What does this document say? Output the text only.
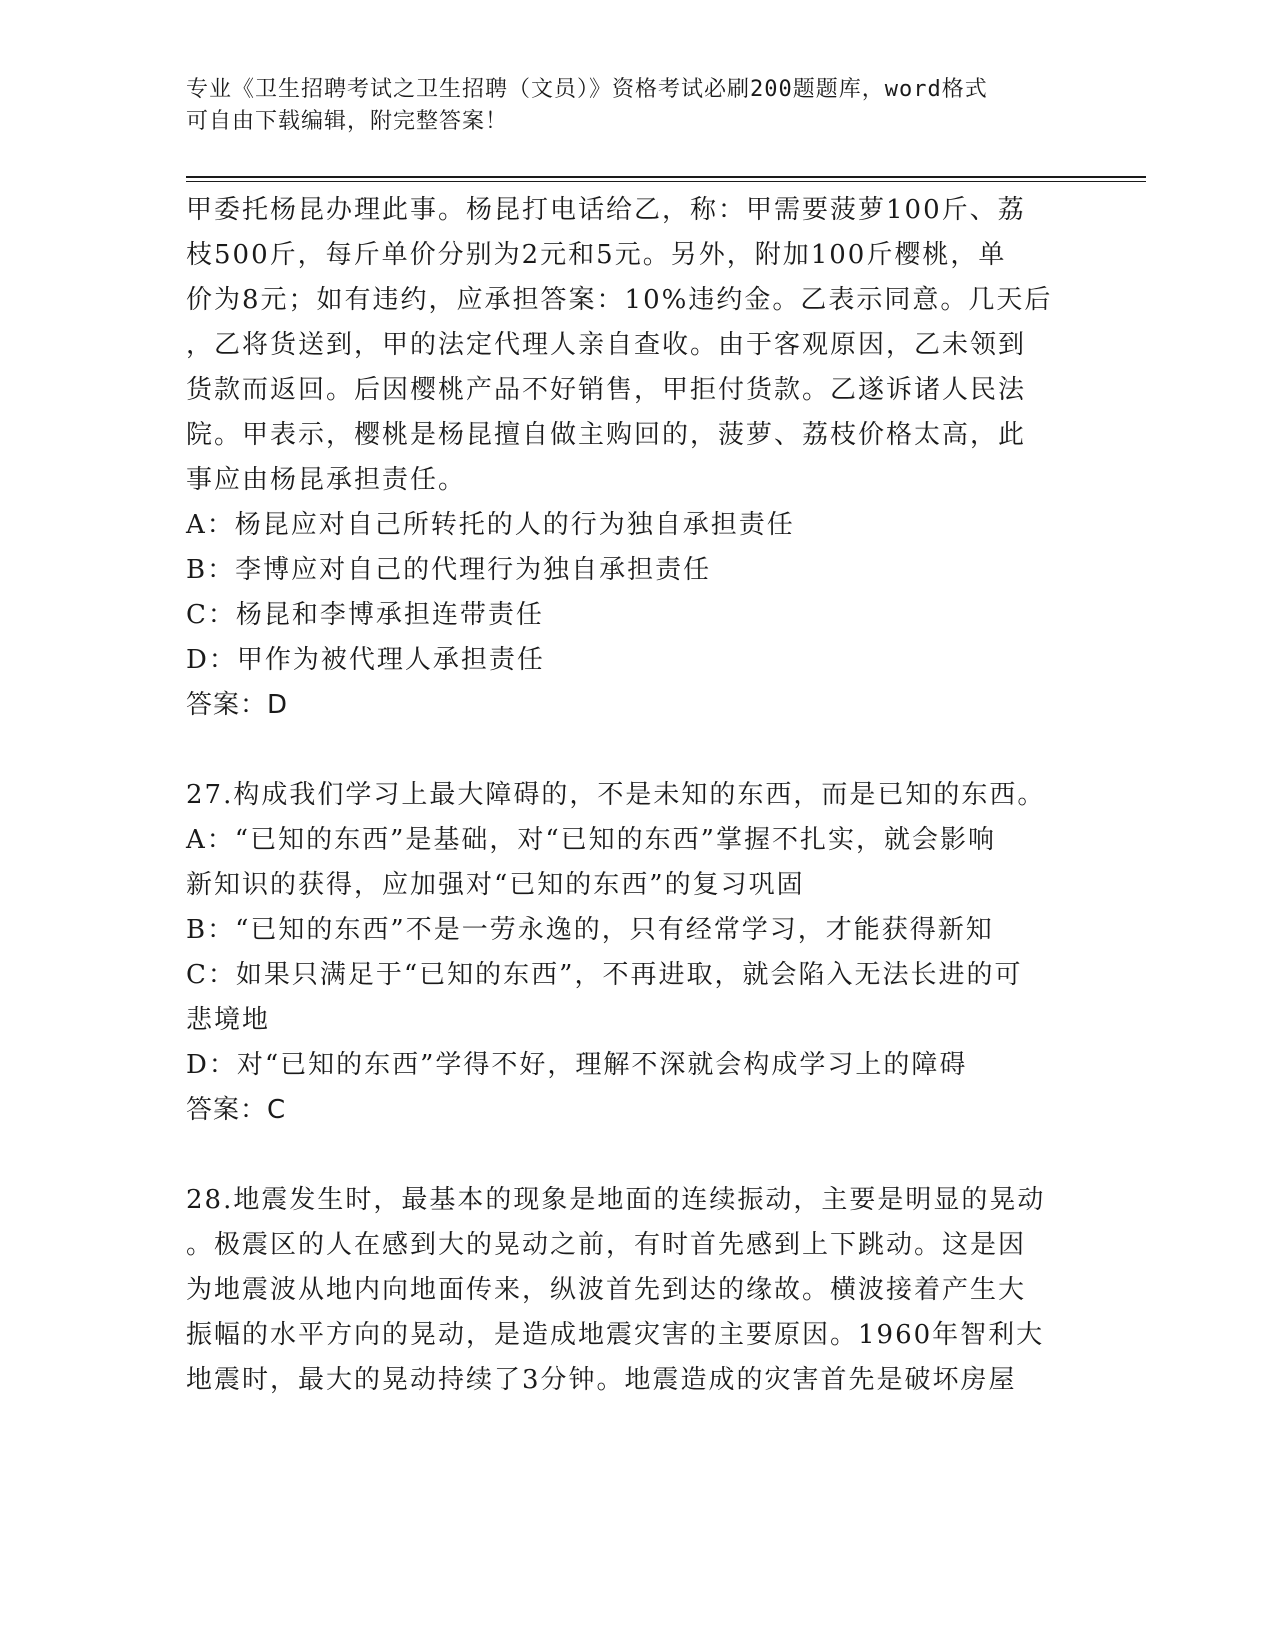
专业《卫生招聘考试之卫生招聘（文员）》资格考试必刷200题题库，word格式
可自由下载编辑，附完整答案！

甲委托杨昆办理此事。杨昆打电话给乙，称：甲需要菠萝100斤、荔

枝500斤，每斤单价分别为2元和5元。另外，附加100斤樱桃，单

价为8元；如有违约，应承担答案：10%违约金。乙表示同意。几天后

，乙将货送到，甲的法定代理人亲自查收。由于客观原因，乙未领到

货款而返回。后因樱桃产品不好销售，甲拒付货款。乙遂诉诸人民法

院。甲表示，樱桃是杨昆擅自做主购回的，菠萝、荔枝价格太高，此

事应由杨昆承担责任。

A：杨昆应对自己所转托的人的行为独自承担责任

B：李博应对自己的代理行为独自承担责任

C：杨昆和李博承担连带责任

D：甲作为被代理人承担责任

答案：D

27.构成我们学习上最大障碍的，不是未知的东西，而是已知的东西。

A：“已知的东西”是基础，对“已知的东西”掌握不扎实，就会影响

新知识的获得，应加强对“已知的东西”的复习巩固

B：“已知的东西”不是一劳永逸的，只有经常学习，才能获得新知

C：如果只满足于“已知的东西”，不再进取，就会陷入无法长进的可

悲境地

D：对“已知的东西”学得不好，理解不深就会构成学习上的障碍

答案：C

28.地震发生时，最基本的现象是地面的连续振动，主要是明显的晃动

。极震区的人在感到大的晃动之前，有时首先感到上下跳动。这是因

为地震波从地内向地面传来，纵波首先到达的缘故。横波接着产生大

振幅的水平方向的晃动，是造成地震灾害的主要原因。1960年智利大

地震时，最大的晃动持续了3分钟。地震造成的灾害首先是破坏房屋
